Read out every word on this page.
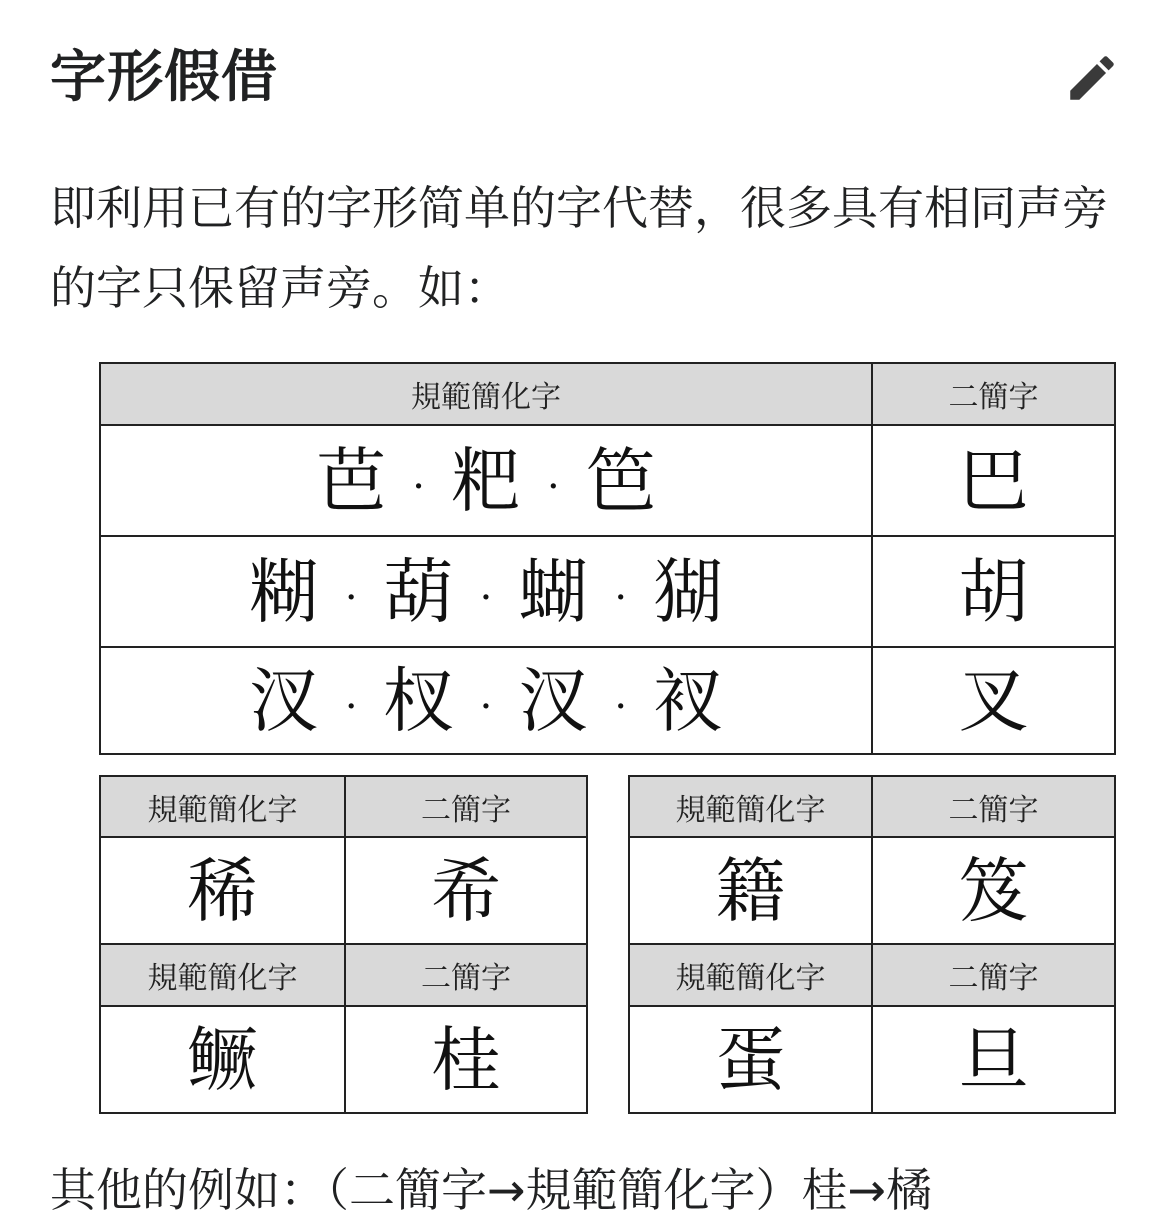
字形假借

即利用已有的字形简单的字代替，很多具有相同声旁的字只保留声旁。如：

規範簡化字	二簡字
芭 · 粑 · 笆	巴
糊 · 葫 · 蝴 · 猢	胡
汊 · 杈 · 汊 · 衩	叉
規範簡化字	二簡字
稀	希
規範簡化字	二簡字
鳜	桂
規範簡化字	二簡字
籍	笈
規範簡化字	二簡字
蛋	旦

其他的例如：（二簡字→規範簡化字）桂→橘
